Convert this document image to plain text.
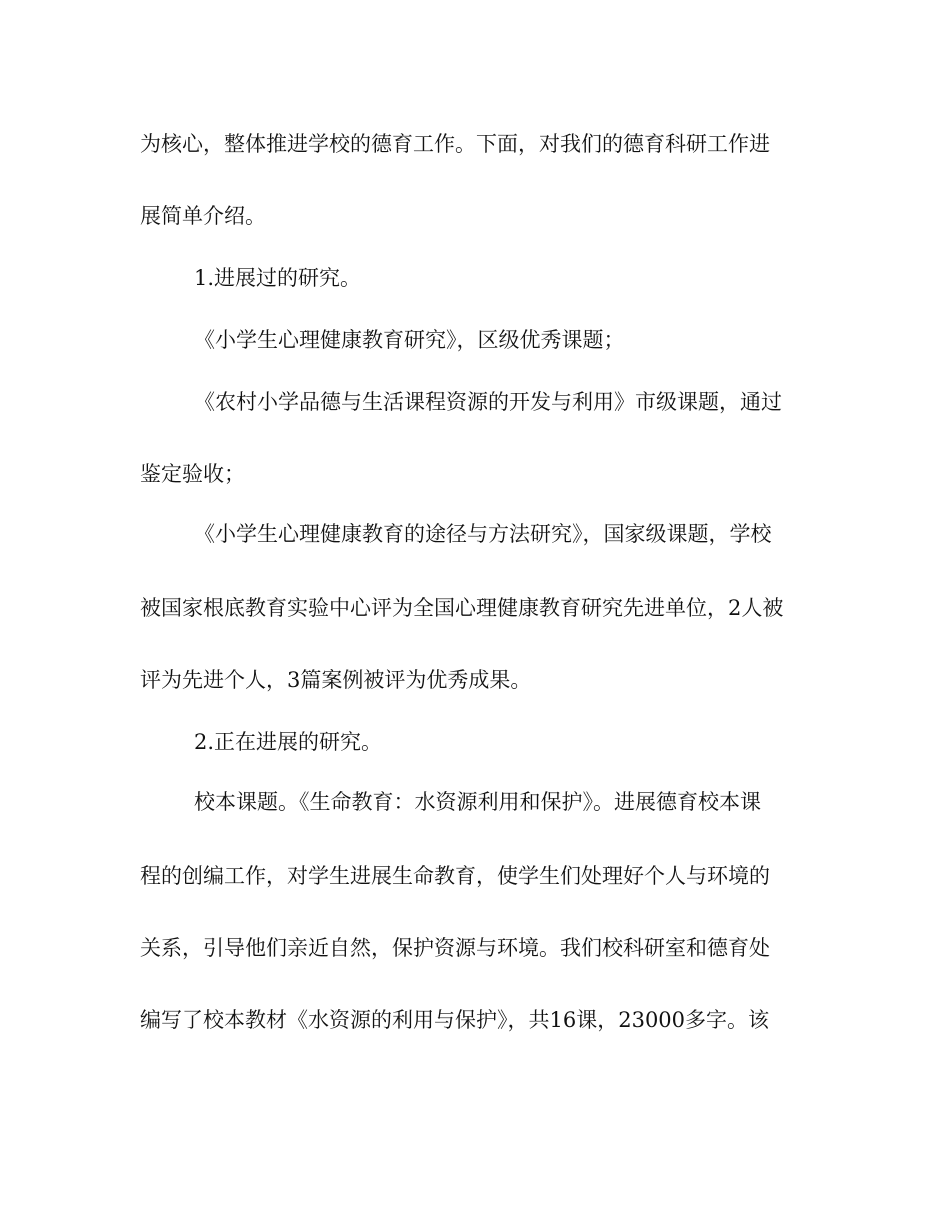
为核心，整体推进学校的德育工作。下面，对我们的德育科研工作进
展简单介绍。
1.进展过的研究。
《小学生心理健康教育研究》，区级优秀课题；
《农村小学品德与生活课程资源的开发与利用》市级课题，通过
鉴定验收；
《小学生心理健康教育的途径与方法研究》，国家级课题，学校
被国家根底教育实验中心评为全国心理健康教育研究先进单位，2人被
评为先进个人，3篇案例被评为优秀成果。
2.正在进展的研究。
校本课题。《生命教育：水资源利用和保护》。进展德育校本课
程的创编工作，对学生进展生命教育，使学生们处理好个人与环境的
关系，引导他们亲近自然，保护资源与环境。我们校科研室和德育处
编写了校本教材《水资源的利用与保护》，共16课，23000多字。该
